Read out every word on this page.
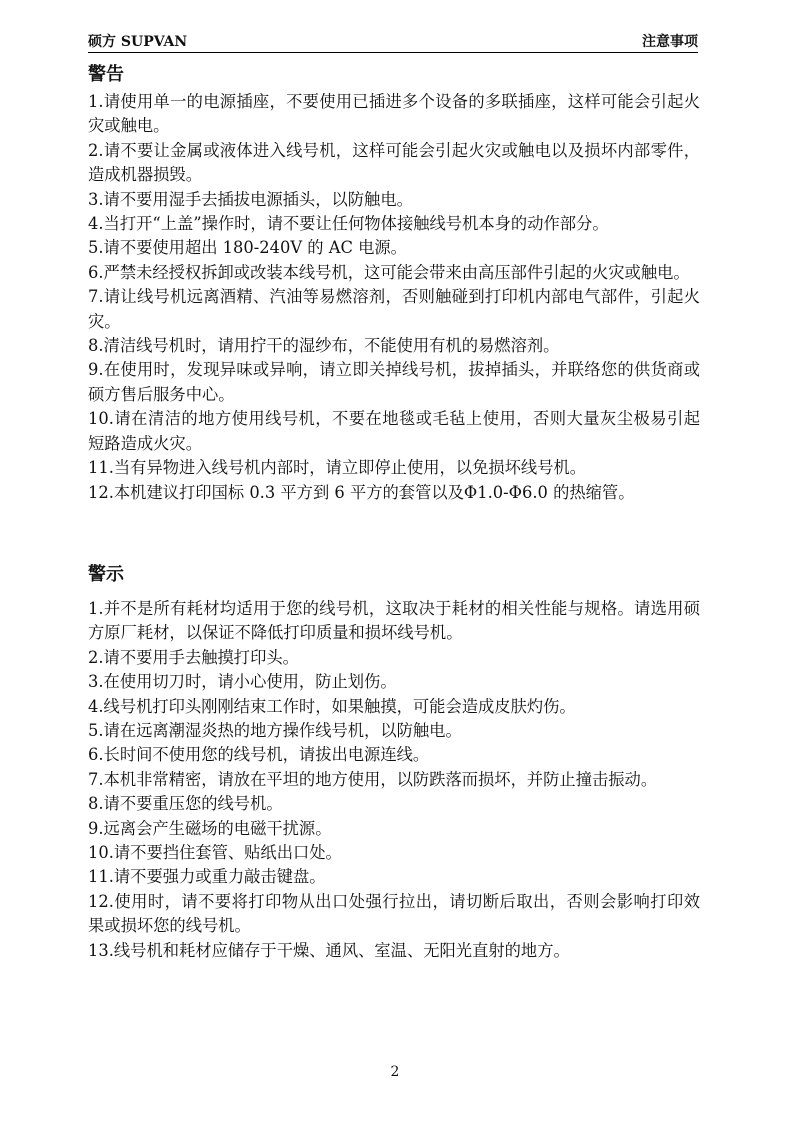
硕方 SUPVAN	注意事项
警告

1.请使用单一的电源插座，不要使用已插进多个设备的多联插座，这样可能会引起火灾或触电。

2.请不要让金属或液体进入线号机，这样可能会引起火灾或触电以及损坏内部零件，造成机器损毁。

3.请不要用湿手去插拔电源插头，以防触电。

4.当打开“上盖”操作时，请不要让任何物体接触线号机本身的动作部分。

5.请不要使用超出 180-240V 的 AC 电源。

6.严禁未经授权拆卸或改装本线号机，这可能会带来由高压部件引起的火灾或触电。

7.请让线号机远离酒精、汽油等易燃溶剂，否则触碰到打印机内部电气部件，引起火灾。

8.清洁线号机时，请用拧干的湿纱布，不能使用有机的易燃溶剂。

9.在使用时，发现异味或异响，请立即关掉线号机，拔掉插头，并联络您的供货商或硕方售后服务中心。

10.请在清洁的地方使用线号机，不要在地毯或毛毡上使用，否则大量灰尘极易引起短路造成火灾。

11.当有异物进入线号机内部时，请立即停止使用，以免损坏线号机。

12.本机建议打印国标 0.3 平方到 6 平方的套管以及Φ1.0-Φ6.0 的热缩管。

警示

1.并不是所有耗材均适用于您的线号机，这取决于耗材的相关性能与规格。请选用硕方原厂耗材，以保证不降低打印质量和损坏线号机。

2.请不要用手去触摸打印头。

3.在使用切刀时，请小心使用，防止划伤。

4.线号机打印头刚刚结束工作时，如果触摸，可能会造成皮肤灼伤。

5.请在远离潮湿炎热的地方操作线号机，以防触电。

6.长时间不使用您的线号机，请拔出电源连线。

7.本机非常精密，请放在平坦的地方使用，以防跌落而损坏，并防止撞击振动。

8.请不要重压您的线号机。

9.远离会产生磁场的电磁干扰源。

10.请不要挡住套管、贴纸出口处。

11.请不要强力或重力敲击键盘。

12.使用时，请不要将打印物从出口处强行拉出，请切断后取出，否则会影响打印效果或损坏您的线号机。

13.线号机和耗材应储存于干燥、通风、室温、无阳光直射的地方。

2
